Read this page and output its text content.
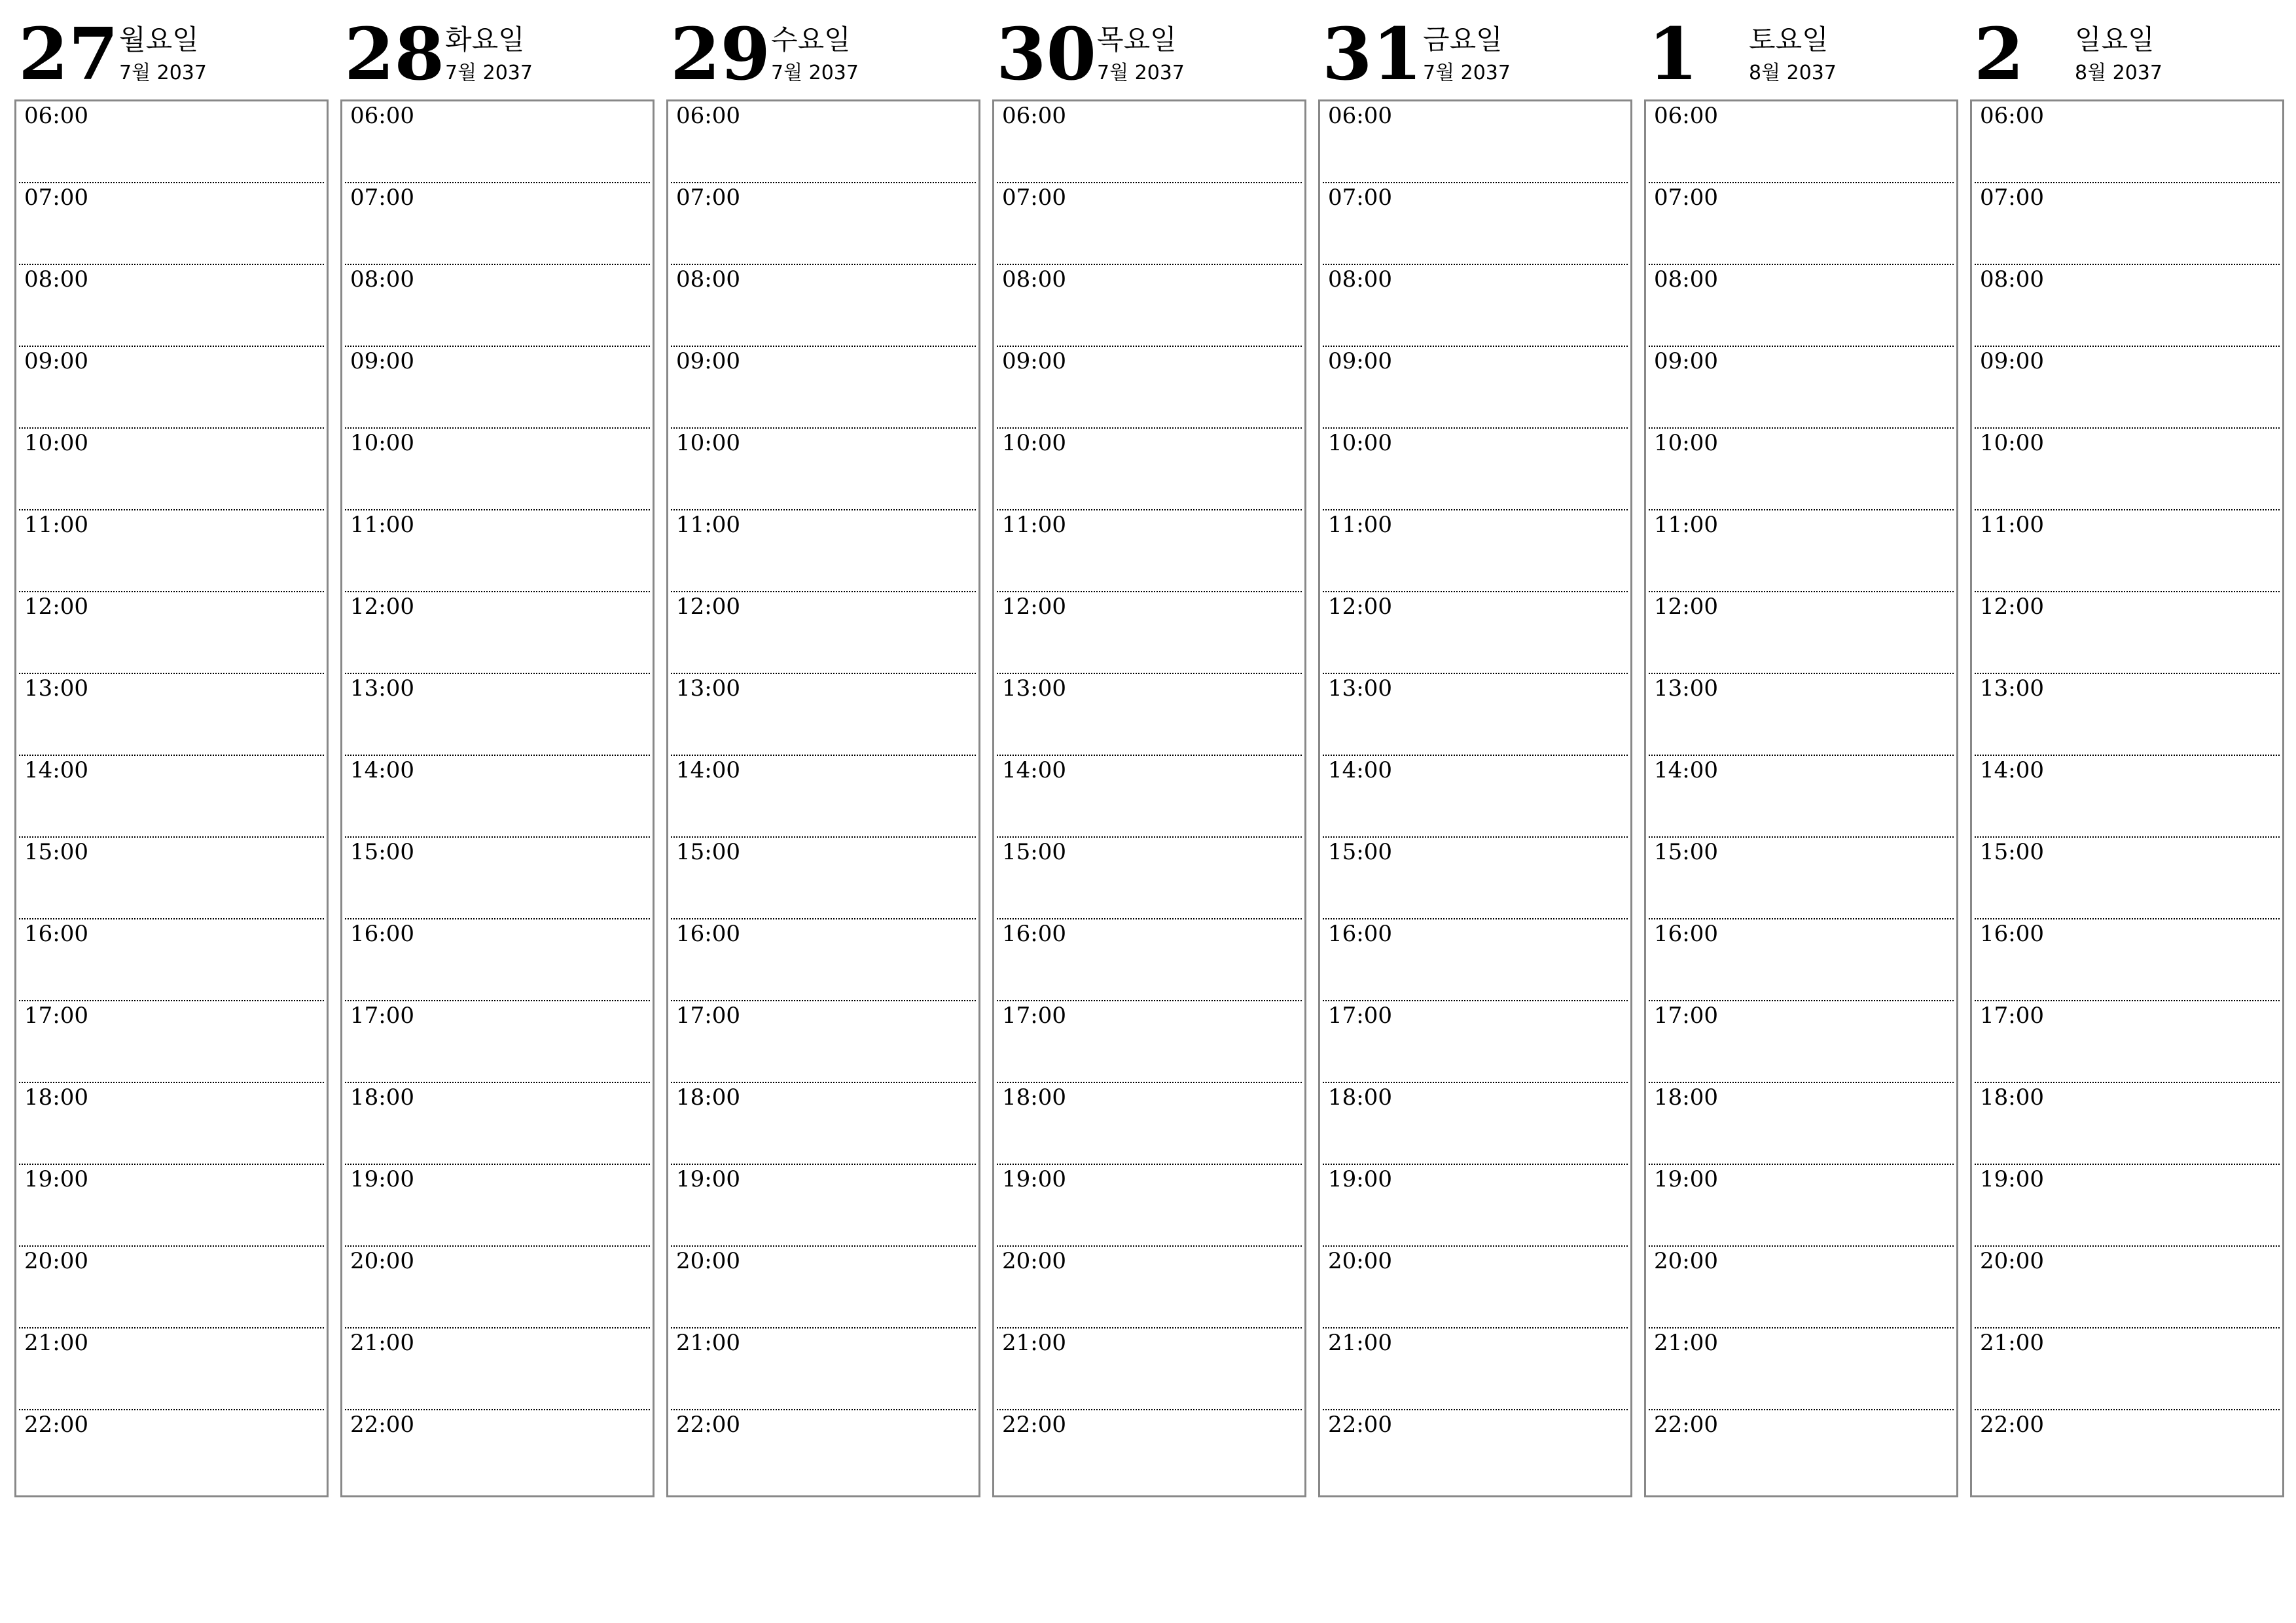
27 월요일
7월 2037
06:00
07:00
08:00
09:00
10:00
11:00
12:00
13:00
14:00
15:00
16:00
17:00
18:00
19:00
20:00
21:00
22:00
28 화요일
7월 2037
06:00
07:00
08:00
09:00
10:00
11:00
12:00
13:00
14:00
15:00
16:00
17:00
18:00
19:00
20:00
21:00
22:00
29 수요일
7월 2037
06:00
07:00
08:00
09:00
10:00
11:00
12:00
13:00
14:00
15:00
16:00
17:00
18:00
19:00
20:00
21:00
22:00
30 목요일
7월 2037
06:00
07:00
08:00
09:00
10:00
11:00
12:00
13:00
14:00
15:00
16:00
17:00
18:00
19:00
20:00
21:00
22:00
31 금요일
7월 2037
06:00
07:00
08:00
09:00
10:00
11:00
12:00
13:00
14:00
15:00
16:00
17:00
18:00
19:00
20:00
21:00
22:00
1 토요일
8월 2037
06:00
07:00
08:00
09:00
10:00
11:00
12:00
13:00
14:00
15:00
16:00
17:00
18:00
19:00
20:00
21:00
22:00
2 일요일
8월 2037
06:00
07:00
08:00
09:00
10:00
11:00
12:00
13:00
14:00
15:00
16:00
17:00
18:00
19:00
20:00
21:00
22:00
